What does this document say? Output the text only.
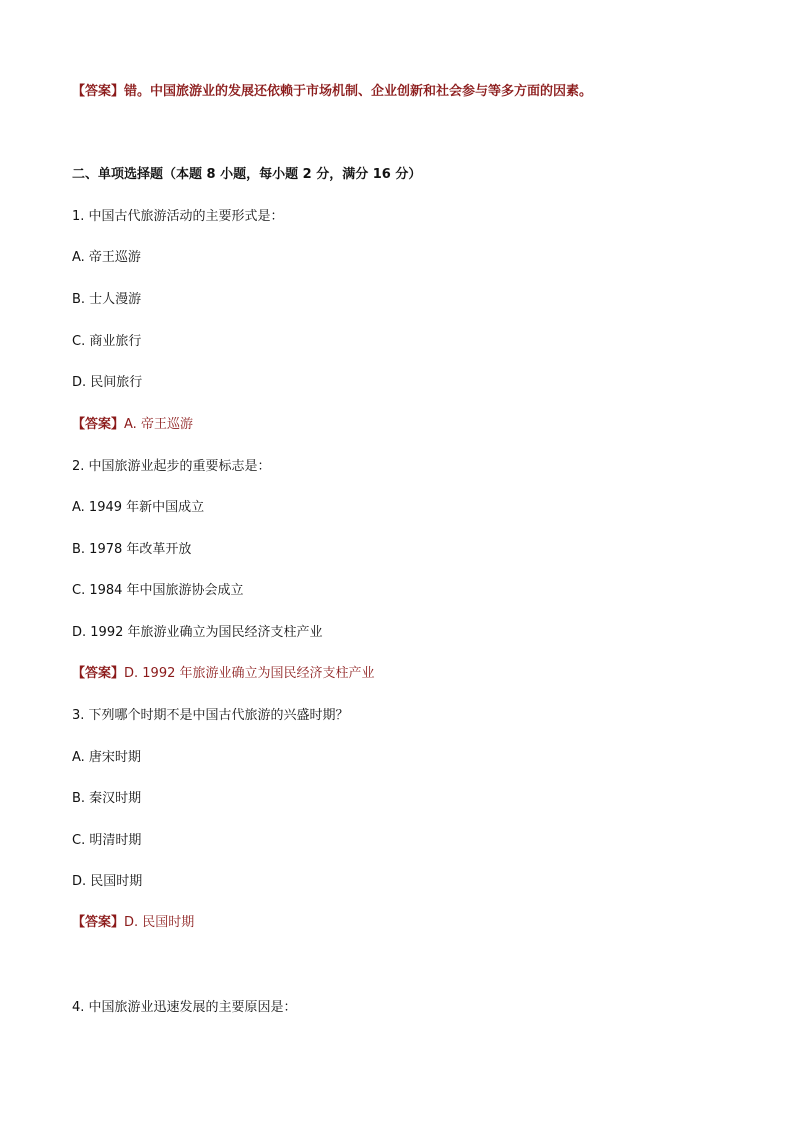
【答案】错。中国旅游业的发展还依赖于市场机制、企业创新和社会参与等多方面的因素。
二、单项选择题（本题 8 小题，每小题 2 分，满分 16 分）
1. 中国古代旅游活动的主要形式是：
A. 帝王巡游
B. 士人漫游
C. 商业旅行
D. 民间旅行
【答案】A. 帝王巡游
2. 中国旅游业起步的重要标志是：
A. 1949 年新中国成立
B. 1978 年改革开放
C. 1984 年中国旅游协会成立
D. 1992 年旅游业确立为国民经济支柱产业
【答案】D. 1992 年旅游业确立为国民经济支柱产业
3. 下列哪个时期不是中国古代旅游的兴盛时期？
A. 唐宋时期
B. 秦汉时期
C. 明清时期
D. 民国时期
【答案】D. 民国时期
4. 中国旅游业迅速发展的主要原因是：
